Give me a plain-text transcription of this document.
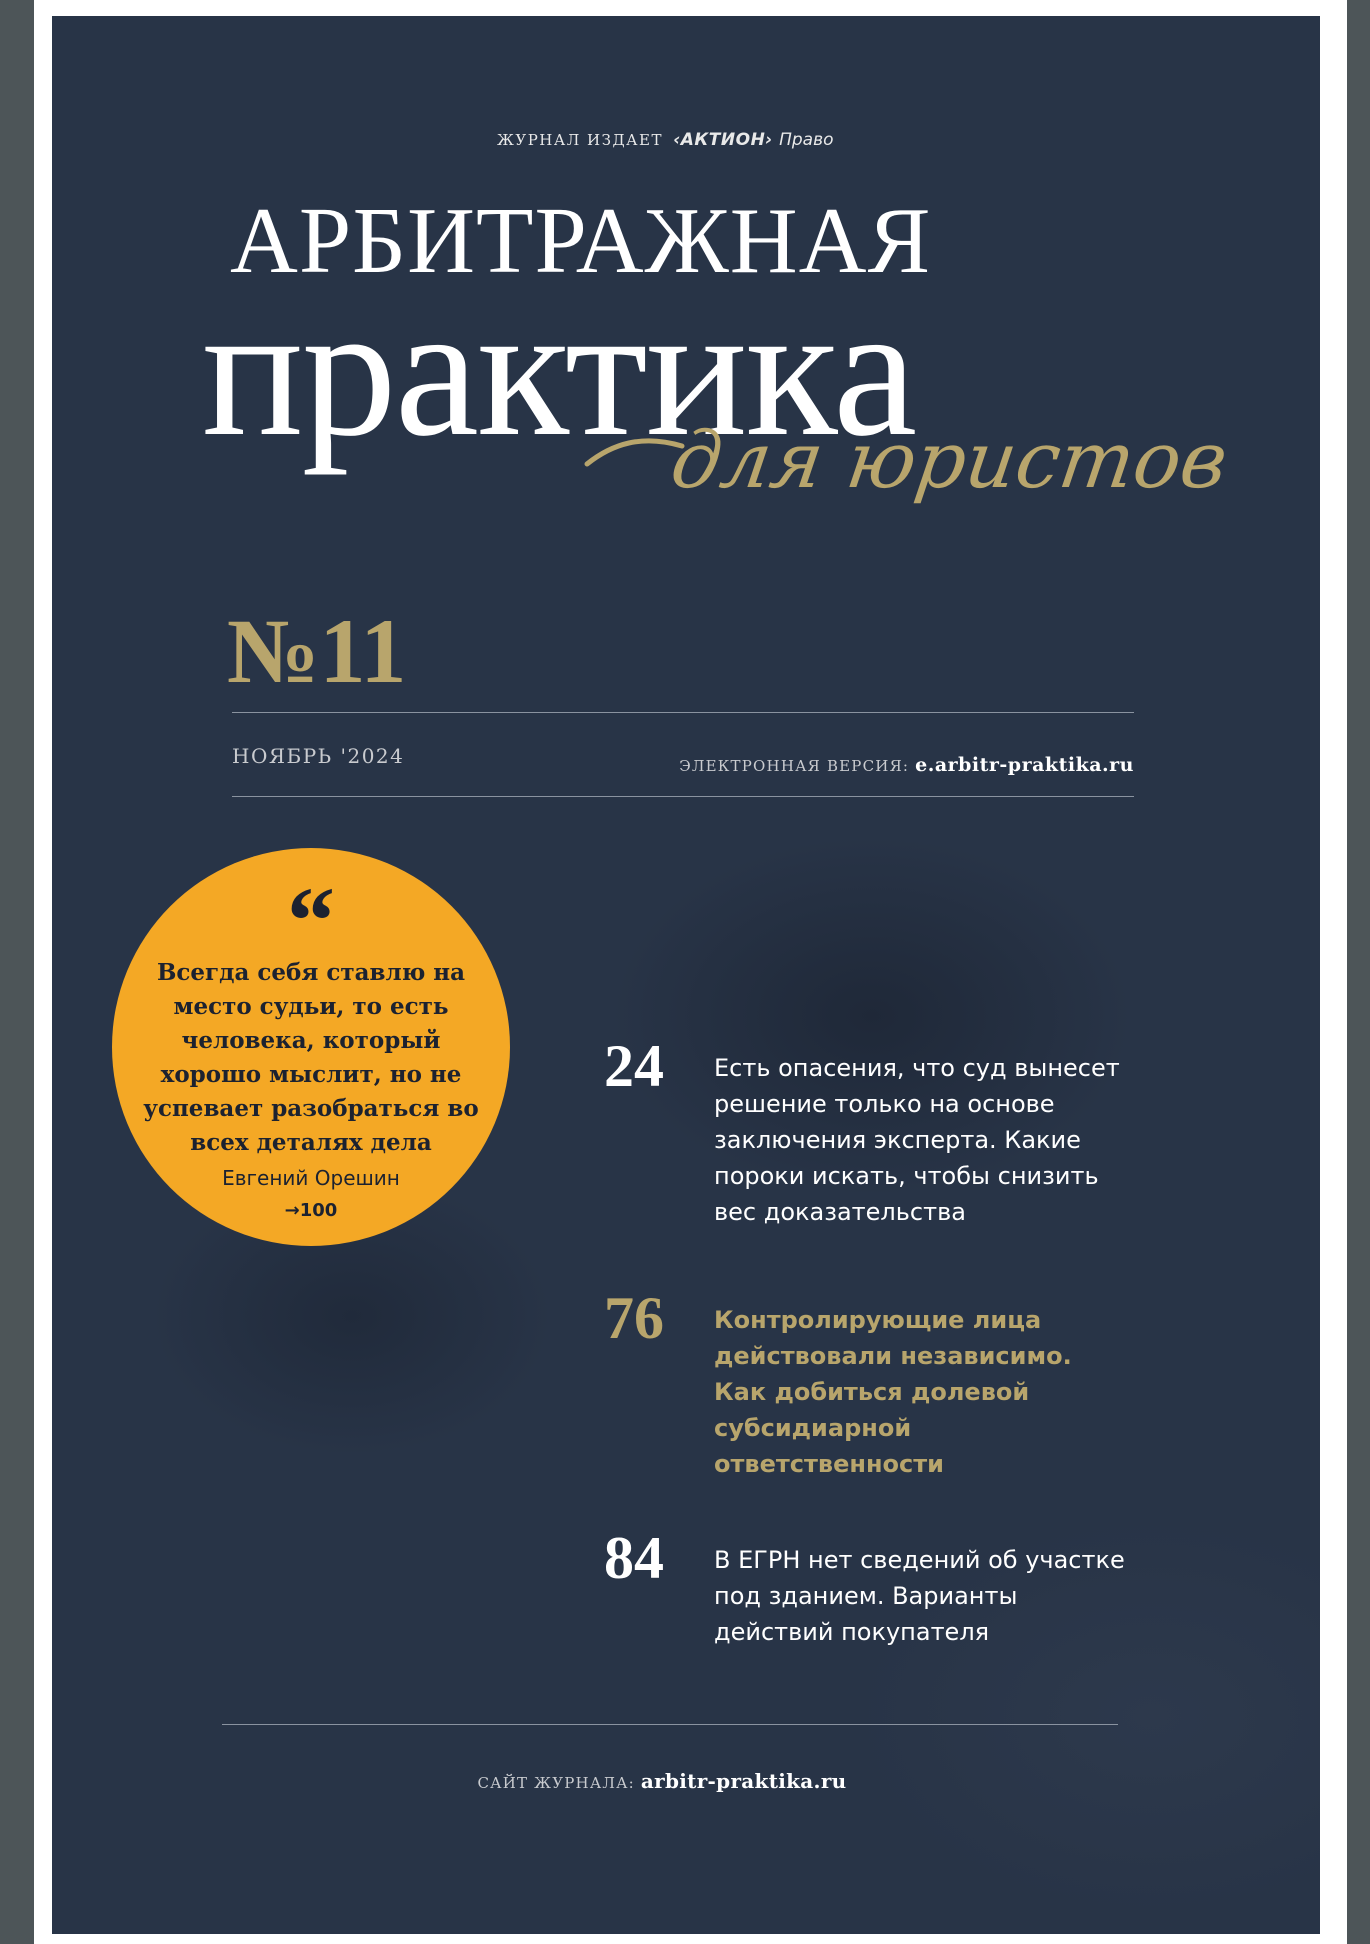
ЖУРНАЛ ИЗДАЕТ ‹АКТИОН› Право
АРБИТРАЖНАЯ
практика
для юристов
№11
НОЯБРЬ '2024	ЭЛЕКТРОННАЯ ВЕРСИЯ: e.arbitr-praktika.ru
“
Всегда себя ставлю на место судьи, то есть человека, который хорошо мыслит, но не успевает разобраться во всех деталях дела
Евгений Орешин
→100
24	Есть опасения, что суд вынесет решение только на основе заключения эксперта. Какие пороки искать, чтобы снизить вес доказательства
76	Контролирующие лица действовали независимо. Как добиться долевой субсидиарной ответственности
84	В ЕГРН нет сведений об участке под зданием. Варианты действий покупателя
САЙТ ЖУРНАЛА: arbitr-praktika.ru
